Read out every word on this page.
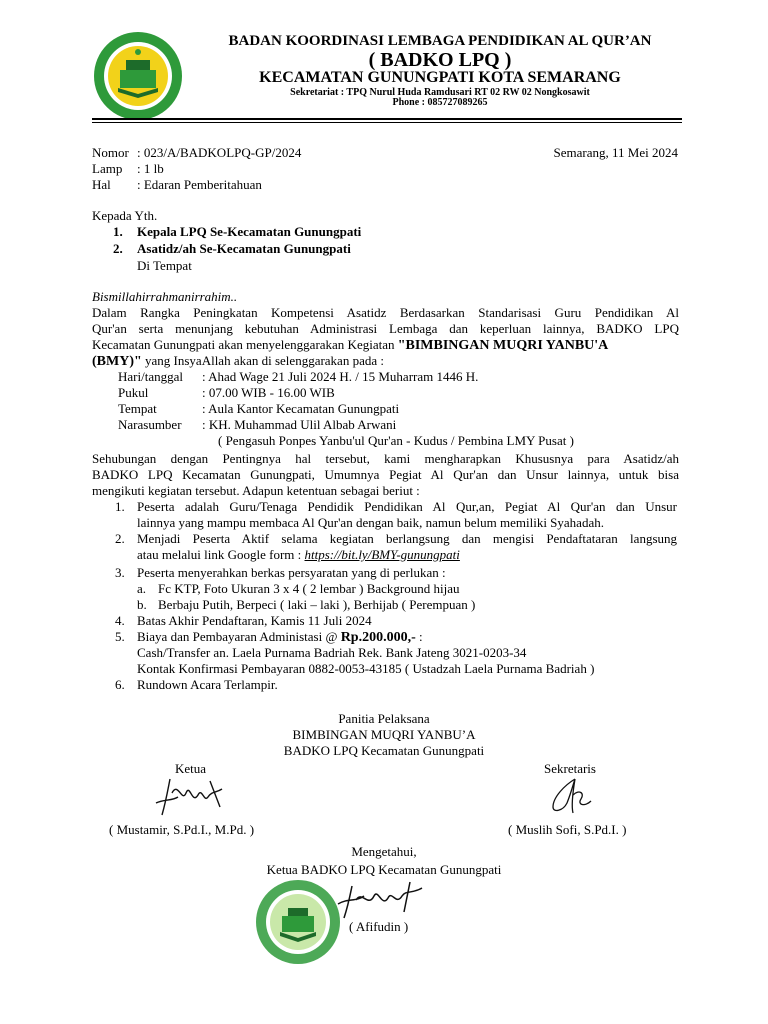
BADAN KOORDINASI LEMBAGA PENDIDIKAN AL QUR’AN
( BADKO LPQ )
KECAMATAN GUNUNGPATI KOTA SEMARANG
Sekretariat : TPQ Nurul Huda Ramdusari RT 02 RW 02 Nongkosawit
Phone : 085727089265
Nomor : 023/A/BADKOLPQ-GP/2024	Semarang, 11 Mei 2024
Lamp : 1 lb
Hal : Edaran Pemberitahuan
Kepada Yth.
1. Kepala LPQ Se-Kecamatan Gunungpati
2. Asatidz/ah Se-Kecamatan Gunungpati
Di Tempat
Bismillahirrahmanirrahim..
Dalam Rangka Peningkatan Kompetensi Asatidz Berdasarkan Standarisasi Guru Pendidikan Al
Qur'an serta menunjang kebutuhan Administrasi Lembaga dan keperluan lainnya, BADKO LPQ
Kecamatan Gunungpati akan menyelenggarakan Kegiatan "BIMBINGAN MUQRI YANBU'A
(BMY)" yang InsyaAllah akan di selenggarakan pada :
Hari/tanggal : Ahad Wage 21 Juli 2024 H. / 15 Muharram 1446 H.
Pukul	: 07.00 WIB - 16.00 WIB
Tempat	: Aula Kantor Kecamatan Gunungpati
Narasumber : KH. Muhammad Ulil Albab Arwani
( Pengasuh Ponpes Yanbu'ul Qur'an - Kudus / Pembina LMY Pusat )
Sehubungan dengan Pentingnya hal tersebut, kami mengharapkan Khususnya para Asatidz/ah
BADKO LPQ Kecamatan Gunungpati, Umumnya Pegiat Al Qur'an dan Unsur lainnya, untuk bisa
mengikuti kegiatan tersebut. Adapun ketentuan sebagai beriut :
1. Peserta adalah Guru/Tenaga Pendidik Pendidikan Al Qur,an, Pegiat Al Qur'an dan Unsur
lainnya yang mampu membaca Al Qur'an dengan baik, namun belum memiliki Syahadah.
2. Menjadi Peserta Aktif selama kegiatan berlangsung dan mengisi Pendaftataran langsung
atau melalui link Google form : https://bit.ly/BMY-gunungpati
3. Peserta menyerahkan berkas persyaratan yang di perlukan :
a. Fc KTP, Foto Ukuran 3 x 4 ( 2 lembar ) Background hijau
b. Berbaju Putih, Berpeci ( laki – laki ), Berhijab ( Perempuan )
4. Batas Akhir Pendaftaran, Kamis 11 Juli 2024
5. Biaya dan Pembayaran Administasi @ Rp.200.000,- :
Cash/Transfer an. Laela Purnama Badriah Rek. Bank Jateng 3021-0203-34
Kontak Konfirmasi Pembayaran 0882-0053-43185 ( Ustadzah Laela Purnama Badriah )
6. Rundown Acara Terlampir.
Panitia Pelaksana
BIMBINGAN MUQRI YANBU’A
BADKO LPQ Kecamatan Gunungpati
Ketua	Sekretaris
( Mustamir, S.Pd.I., M.Pd. )	( Muslih Sofi, S.Pd.I. )
Mengetahui,
Ketua BADKO LPQ Kecamatan Gunungpati
( Afifudin )
